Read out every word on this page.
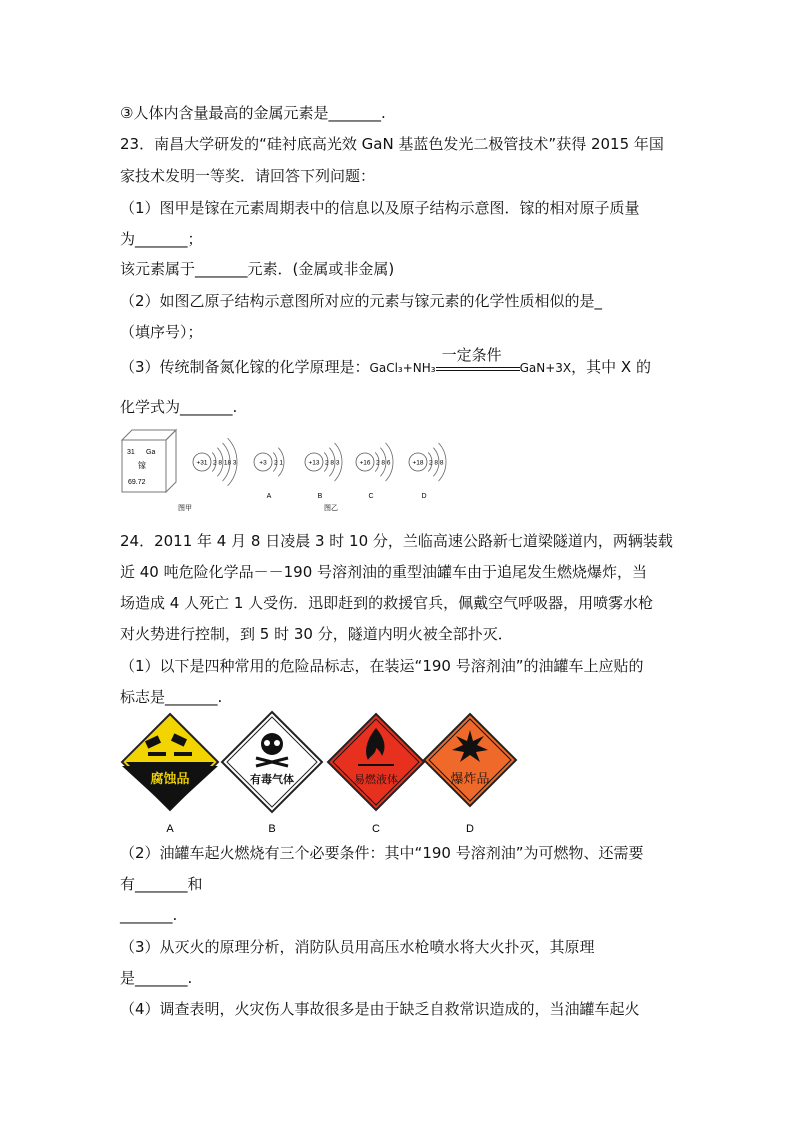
③人体内含量最高的金属元素是_______.
23．南昌大学研发的“硅衬底高光效 GaN 基蓝色发光二极管技术”获得 2015 年国
家技术发明一等奖．请回答下列问题：
（1）图甲是镓在元素周期表中的信息以及原子结构示意图．镓的相对原子质量
为_______；
该元素属于_______元素．(金属或非金属)
（2）如图乙原子结构示意图所对应的元素与镓元素的化学性质相似的是_
（填序号）；
（3）传统制备氮化镓的化学原理是：GaCl₃+NH₃
一定条件
GaN+3X，其中 X 的
化学式为_______.
31 Ga
镓
69.72
+31 2 8 18 3	+3 2 1
A
+13 2 8 3
B
+16 2 8 6
C
+18 2 8 8
D
图甲	图乙
24．2011 年 4 月 8 日凌晨 3 时 10 分，兰临高速公路新七道梁隧道内，两辆装载
近 40 吨危险化学品－－190 号溶剂油的重型油罐车由于追尾发生燃烧爆炸，当
场造成 4 人死亡 1 人受伤．迅即赶到的救援官兵，佩戴空气呼吸器，用喷雾水枪
对火势进行控制，到 5 时 30 分，隧道内明火被全部扑灭．
（1）以下是四种常用的危险品标志，在装运“190 号溶剂油”的油罐车上应贴的
标志是_______.
腐蚀品	有毒气体	易燃液体	爆炸品
A	B	C	D
（2）油罐车起火燃烧有三个必要条件：其中“190 号溶剂油”为可燃物、还需要
有_______和
_______.
（3）从灭火的原理分析，消防队员用高压水枪喷水将大火扑灭，其原理
是_______.
（4）调查表明，火灾伤人事故很多是由于缺乏自救常识造成的，当油罐车起火
